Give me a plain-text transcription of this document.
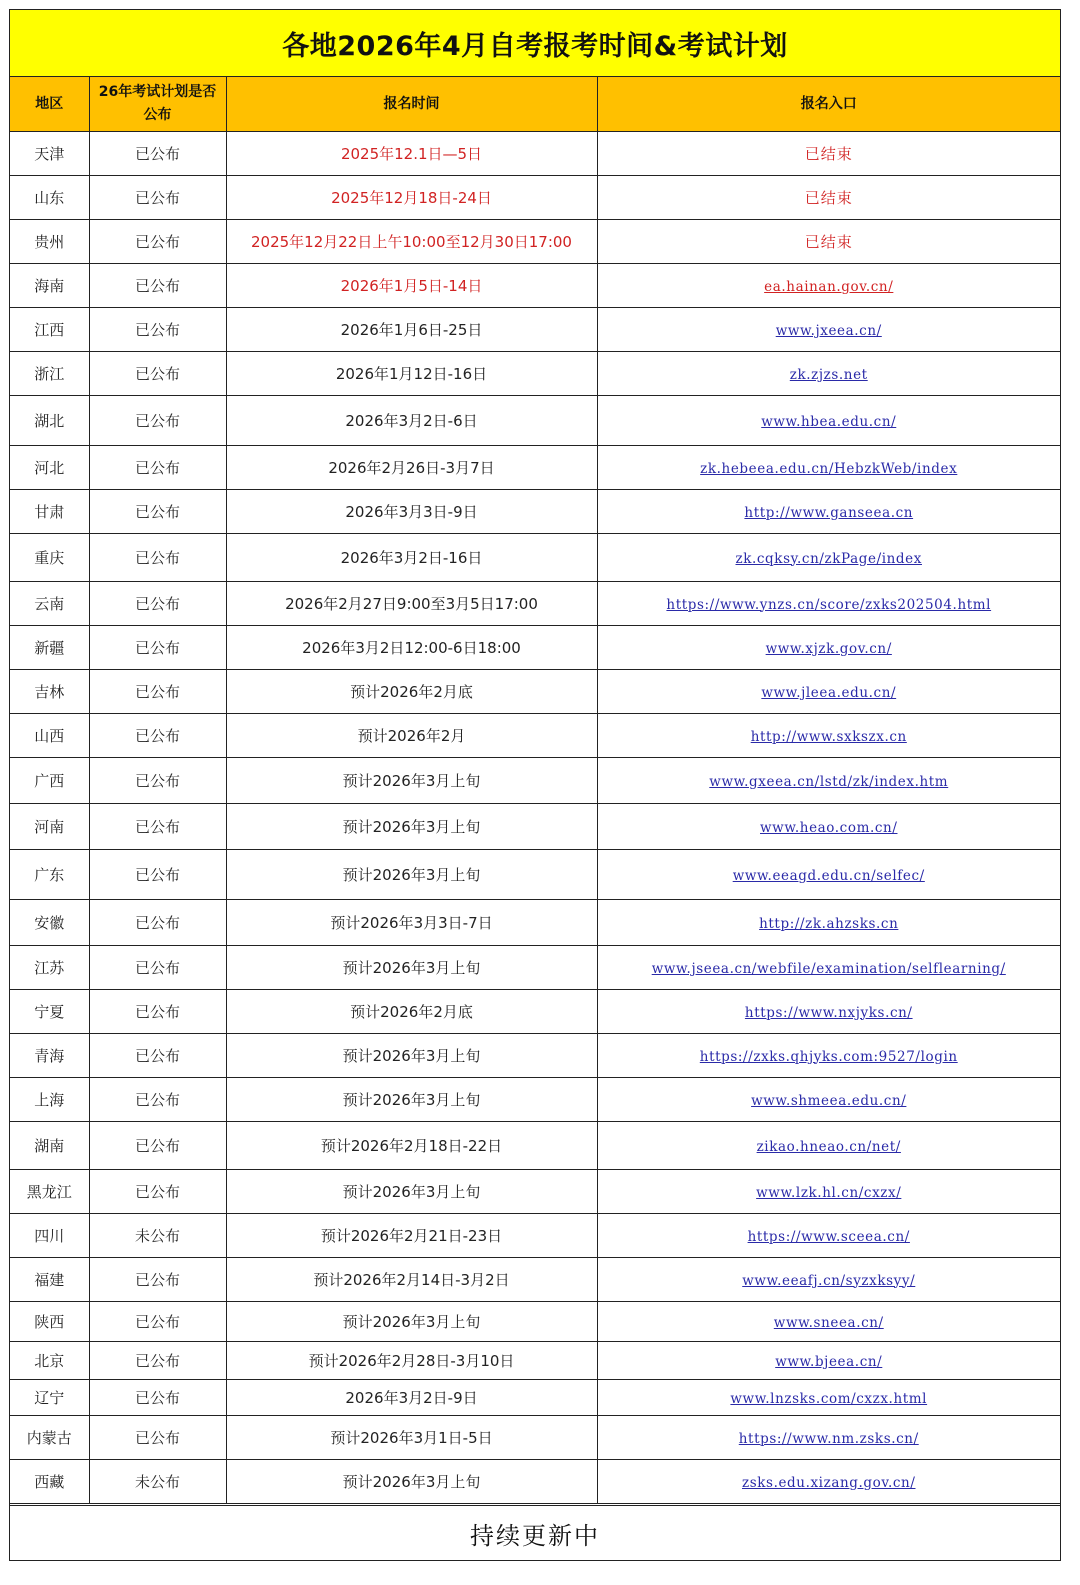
各地2026年4月自考报考时间&考试计划
地区	26年考试计划是否公布	报名时间	报名入口
天津	已公布	2025年12.1日—5日	已结束
山东	已公布	2025年12月18日-24日	已结束
贵州	已公布	2025年12月22日上午10:00至12月30日17:00	已结束
海南	已公布	2026年1月5日-14日	ea.hainan.gov.cn/
江西	已公布	2026年1月6日-25日	www.jxeea.cn/
浙江	已公布	2026年1月12日-16日	zk.zjzs.net
湖北	已公布	2026年3月2日-6日	www.hbea.edu.cn/
河北	已公布	2026年2月26日-3月7日	zk.hebeea.edu.cn/HebzkWeb/index
甘肃	已公布	2026年3月3日-9日	http://www.ganseea.cn
重庆	已公布	2026年3月2日-16日	zk.cqksy.cn/zkPage/index
云南	已公布	2026年2月27日9:00至3月5日17:00	https://www.ynzs.cn/score/zxks202504.html
新疆	已公布	2026年3月2日12:00-6日18:00	www.xjzk.gov.cn/
吉林	已公布	预计2026年2月底	www.jleea.edu.cn/
山西	已公布	预计2026年2月	http://www.sxkszx.cn
广西	已公布	预计2026年3月上旬	www.gxeea.cn/lstd/zk/index.htm
河南	已公布	预计2026年3月上旬	www.heao.com.cn/
广东	已公布	预计2026年3月上旬	www.eeagd.edu.cn/selfec/
安徽	已公布	预计2026年3月3日-7日	http://zk.ahzsks.cn
江苏	已公布	预计2026年3月上旬	www.jseea.cn/webfile/examination/selflearning/
宁夏	已公布	预计2026年2月底	https://www.nxjyks.cn/
青海	已公布	预计2026年3月上旬	https://zxks.qhjyks.com:9527/login
上海	已公布	预计2026年3月上旬	www.shmeea.edu.cn/
湖南	已公布	预计2026年2月18日-22日	zikao.hneao.cn/net/
黑龙江	已公布	预计2026年3月上旬	www.lzk.hl.cn/cxzx/
四川	未公布	预计2026年2月21日-23日	https://www.sceea.cn/
福建	已公布	预计2026年2月14日-3月2日	www.eeafj.cn/syzxksyy/
陕西	已公布	预计2026年3月上旬	www.sneea.cn/
北京	已公布	预计2026年2月28日-3月10日	www.bjeea.cn/
辽宁	已公布	2026年3月2日-9日	www.lnzsks.com/cxzx.html
内蒙古	已公布	预计2026年3月1日-5日	https://www.nm.zsks.cn/
西藏	未公布	预计2026年3月上旬	zsks.edu.xizang.gov.cn/
持续更新中
